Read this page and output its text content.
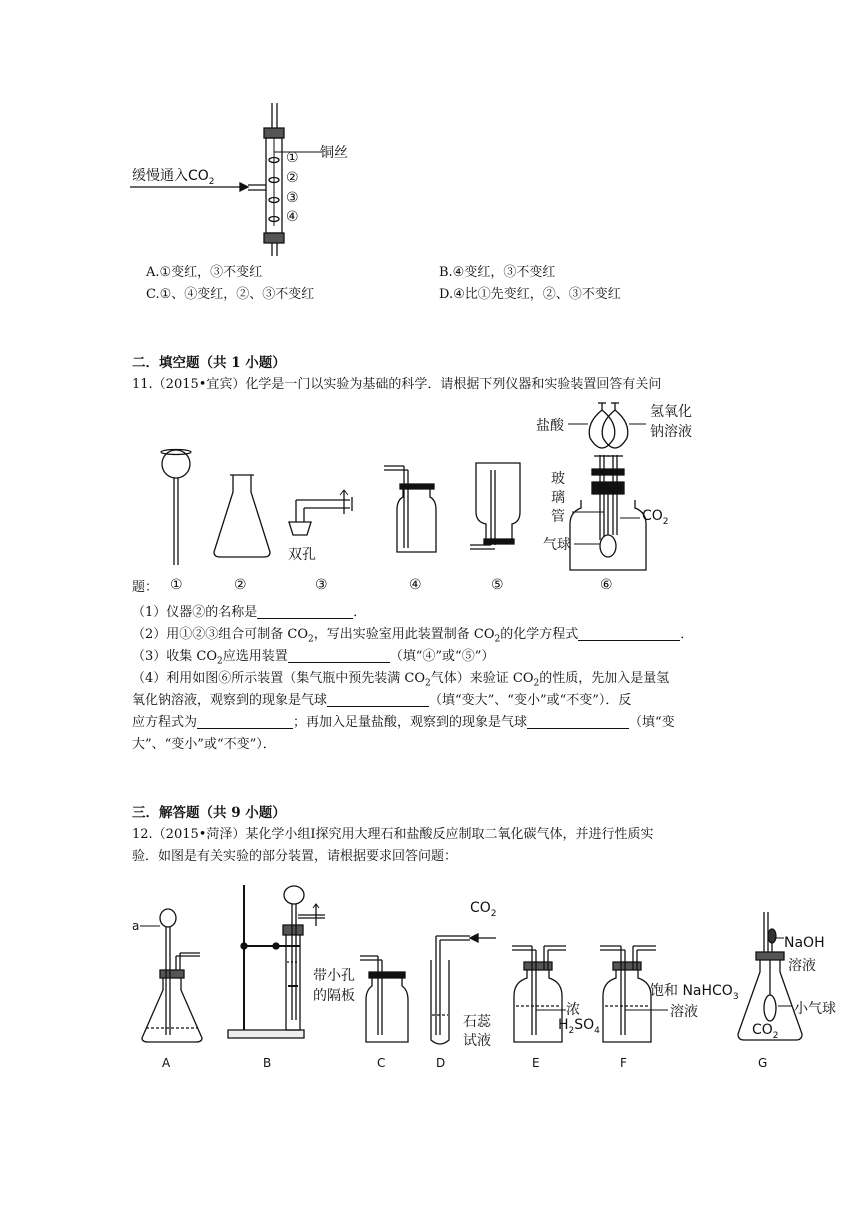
缓慢通入$CO_2$
铜丝
①
②
③
④
A.①变红，③不变红	B.④变红，③不变红
C.①、④变红，②、③不变红	D.④比①先变红，②、③不变红
二．填空题（共 1 小题）
11.（2015•宜宾）化学是一门以实验为基础的科学．请根据下列仪器和实验装置回答有关问
双孔
盐酸
氢氧化
钠溶液
玻
璃
管	$CO_2$
气球
题： ①	②	③	④	⑤	⑥
（1）仪器②的名称是	．
（2）用①②③组合可制备 $CO_2$，写出实验室用此装置制备 $CO_2$的化学方程式	．
（3）收集 $CO_2$应选用装置	（填“④”或“⑤”）
（4）利用如图⑥所示装置（集气瓶中预先装满 $CO_2$气体）来验证 $CO_2$的性质，先加入是量氢
氧化钠溶液，观察到的现象是气球	（填“变大”、“变小”或“不变”）．反
应方程式为	；再加入足量盐酸，观察到的现象是气球	（填“变
大”、“变小”或“不变”）．
三．解答题（共 9 小题）
12.（2015•菏泽）某化学小组Ⅰ探究用大理石和盐酸反应制取二氧化碳气体，并进行性质实
验．如图是有关实验的部分装置，请根据要求回答问题：
a
带小孔
的隔板
$CO_2$
石蕊
试液
浓
$H_2SO_4$
饱和 NaHCO$_3$
溶液
NaOH
溶液
小气球
$CO_2$
A	B	C	D	E	F	G
